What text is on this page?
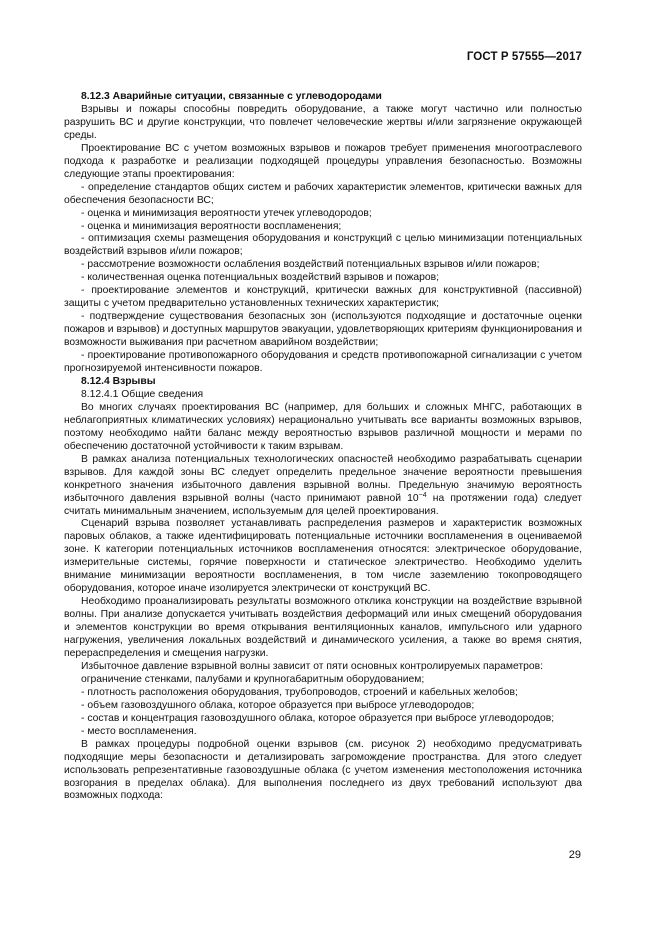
ГОСТ Р 57555—2017

8.12.3 Аварийные ситуации, связанные с углеводородами

Взрывы и пожары способны повредить оборудование, а также могут частично или полностью разрушить ВС и другие конструкции, что повлечет человеческие жертвы и/или загрязнение окружающей среды.

Проектирование ВС с учетом возможных взрывов и пожаров требует применения многоотраслевого подхода к разработке и реализации подходящей процедуры управления безопасностью. Возможны следующие этапы проектирования:

- определение стандартов общих систем и рабочих характеристик элементов, критически важных для обеспечения безопасности ВС;

- оценка и минимизация вероятности утечек углеводородов;

- оценка и минимизация вероятности воспламенения;

- оптимизация схемы размещения оборудования и конструкций с целью минимизации потенциальных воздействий взрывов и/или пожаров;

- рассмотрение возможности ослабления воздействий потенциальных взрывов и/или пожаров;

- количественная оценка потенциальных воздействий взрывов и пожаров;

- проектирование элементов и конструкций, критически важных для конструктивной (пассивной) защиты с учетом предварительно установленных технических характеристик;

- подтверждение существования безопасных зон (используются подходящие и достаточные оценки пожаров и взрывов) и доступных маршрутов эвакуации, удовлетворяющих критериям функционирования и возможности выживания при расчетном аварийном воздействии;

- проектирование противопожарного оборудования и средств противопожарной сигнализации с учетом прогнозируемой интенсивности пожаров.

8.12.4 Взрывы

8.12.4.1 Общие сведения

Во многих случаях проектирования ВС (например, для больших и сложных МНГС, работающих в неблагоприятных климатических условиях) нерационально учитывать все варианты возможных взрывов, поэтому необходимо найти баланс между вероятностью взрывов различной мощности и мерами по обеспечению достаточной устойчивости к таким взрывам.

В рамках анализа потенциальных технологических опасностей необходимо разрабатывать сценарии взрывов. Для каждой зоны ВС следует определить предельное значение вероятности превышения конкретного значения избыточного давления взрывной волны. Предельную значимую вероятность избыточного давления взрывной волны (часто принимают равной $10^{-4}$ на протяжении года) следует считать минимальным значением, используемым для целей проектирования.

Сценарий взрыва позволяет устанавливать распределения размеров и характеристик возможных паровых облаков, а также идентифицировать потенциальные источники воспламенения в оцениваемой зоне. К категории потенциальных источников воспламенения относятся: электрическое оборудование, измерительные системы, горячие поверхности и статическое электричество. Необходимо уделить внимание минимизации вероятности воспламенения, в том числе заземлению токопроводящего оборудования, которое иначе изолируется электрически от конструкций ВС.

Необходимо проанализировать результаты возможного отклика конструкции на воздействие взрывной волны. При анализе допускается учитывать воздействия деформаций или иных смещений оборудования и элементов конструкции во время открывания вентиляционных каналов, импульсного или ударного нагружения, увеличения локальных воздействий и динамического усиления, а также во время снятия, перераспределения и смещения нагрузки.

Избыточное давление взрывной волны зависит от пяти основных контролируемых параметров:

ограничение стенками, палубами и крупногабаритным оборудованием;

- плотность расположения оборудования, трубопроводов, строений и кабельных желобов;

- объем газовоздушного облака, которое образуется при выбросе углеводородов;

- состав и концентрация газовоздушного облака, которое образуется при выбросе углеводородов;

- место воспламенения.

В рамках процедуры подробной оценки взрывов (см. рисунок 2) необходимо предусматривать подходящие меры безопасности и детализировать загромождение пространства. Для этого следует использовать репрезентативные газовоздушные облака (с учетом изменения местоположения источника возгорания в пределах облака). Для выполнения последнего из двух требований используют два возможных подхода:

29
